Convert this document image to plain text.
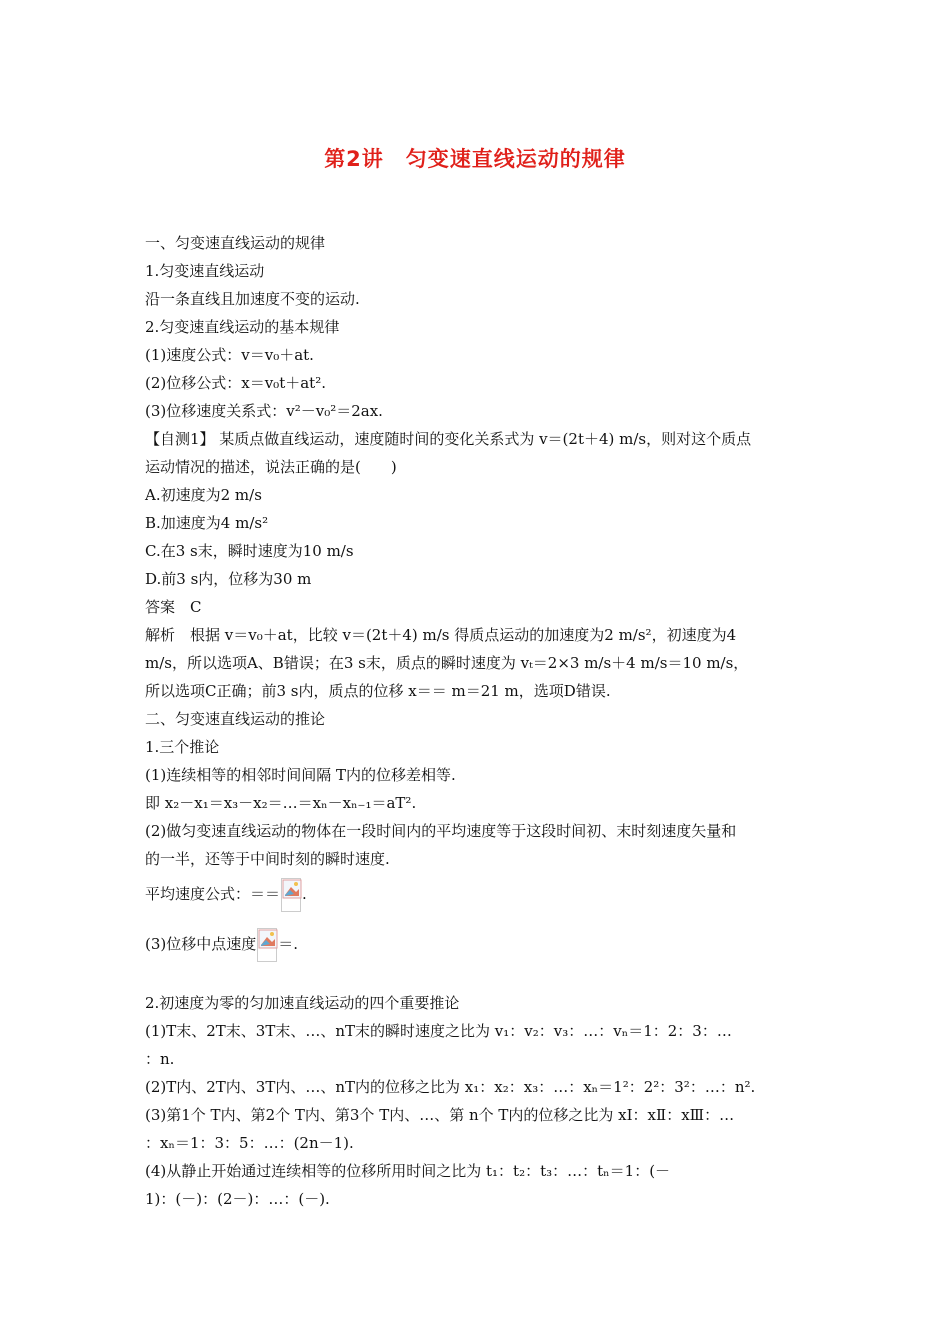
第2讲　匀变速直线运动的规律
一、匀变速直线运动的规律
1.匀变速直线运动
沿一条直线且加速度不变的运动.
2.匀变速直线运动的基本规律
(1)速度公式：v＝v₀＋at.
(2)位移公式：x＝v₀t＋at².
(3)位移速度关系式：v²－v₀²＝2ax.
【自测1】 某质点做直线运动，速度随时间的变化关系式为 v＝(2t＋4) m/s，则对这个质点
运动情况的描述，说法正确的是(　　)
A.初速度为2 m/s
B.加速度为4 m/s²
C.在3 s末，瞬时速度为10 m/s
D.前3 s内，位移为30 m
答案　C
解析　根据 v＝v₀＋at，比较 v＝(2t＋4) m/s 得质点运动的加速度为2 m/s²，初速度为4
m/s，所以选项A、B错误；在3 s末，质点的瞬时速度为 vₜ＝2×3 m/s＋4 m/s＝10 m/s，
所以选项C正确；前3 s内，质点的位移 x＝＝ m＝21 m，选项D错误.
二、匀变速直线运动的推论
1.三个推论
(1)连续相等的相邻时间间隔 T内的位移差相等.
即 x₂－x₁＝x₃－x₂＝…＝xₙ－xₙ₋₁＝aT².
(2)做匀变速直线运动的物体在一段时间内的平均速度等于这段时间初、末时刻速度矢量和
的一半，还等于中间时刻的瞬时速度.
平均速度公式：＝＝ .
(3)位移中点速度 ＝.
2.初速度为零的匀加速直线运动的四个重要推论
(1)T末、2T末、3T末、…、nT末的瞬时速度之比为 v₁：v₂：v₃：…：vₙ＝1：2：3：…
：n.
(2)T内、2T内、3T内、…、nT内的位移之比为 x₁：x₂：x₃：…：xₙ＝1²：2²：3²：…：n².
(3)第1个 T内、第2个 T内、第3个 T内、…、第 n个 T内的位移之比为 xⅠ：xⅡ：xⅢ：…
：xₙ＝1：3：5：…：(2n－1).
(4)从静止开始通过连续相等的位移所用时间之比为 t₁：t₂：t₃：…：tₙ＝1：(－
1)：(－)：(2－)：…：(－).
